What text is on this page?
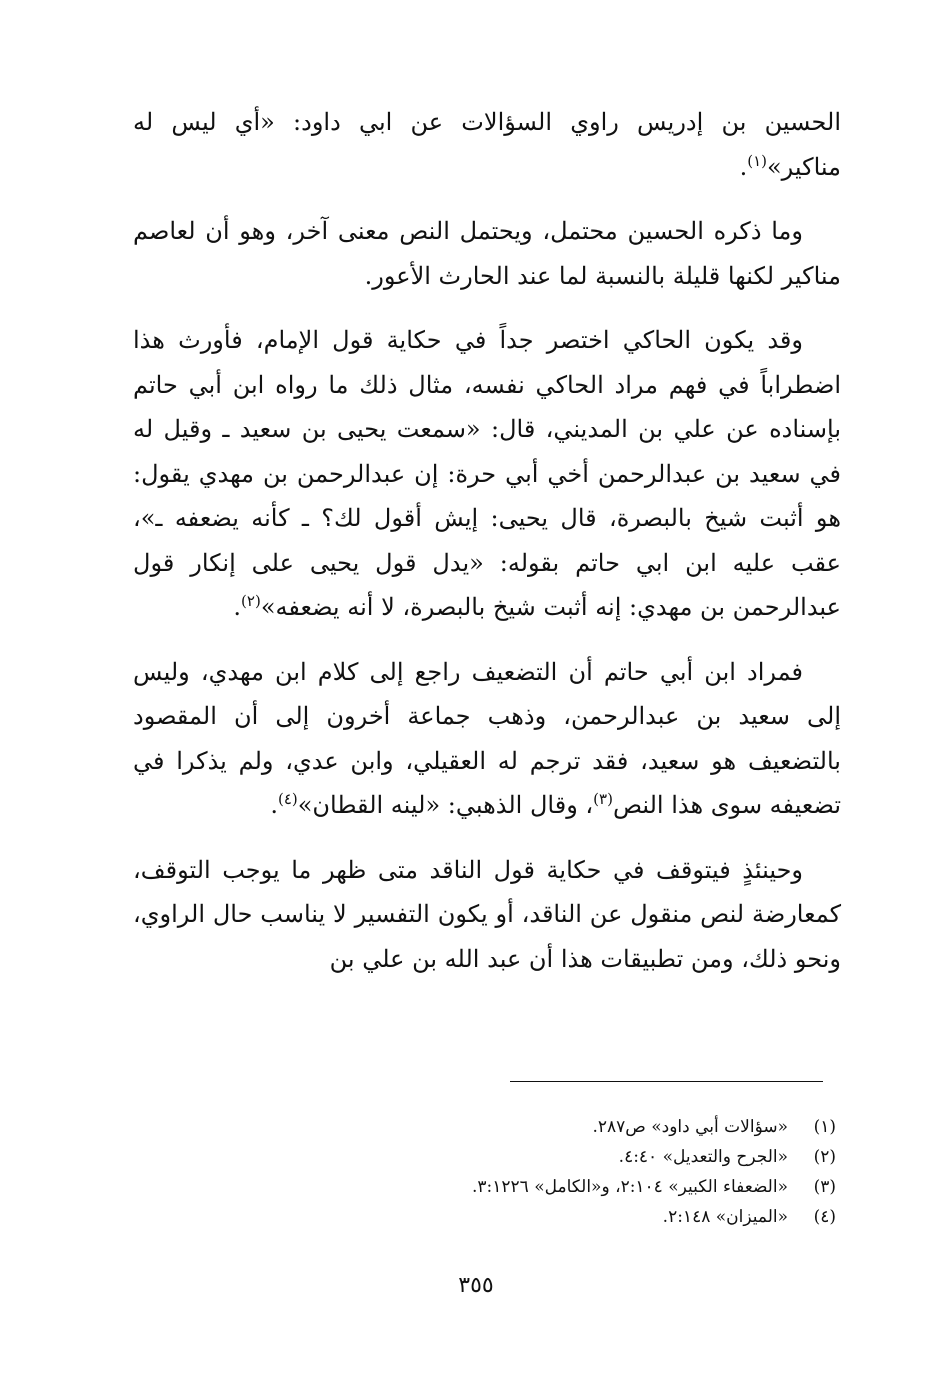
الحسين بن إدريس راوي السؤالات عن ابي داود: «أي ليس له مناكير»$^{(١)}$.

وما ذكره الحسين محتمل، ويحتمل النص معنى آخر، وهو أن لعاصم مناكير لكنها قليلة بالنسبة لما عند الحارث الأعور.

وقد يكون الحاكي اختصر جداً في حكاية قول الإمام، فأورث هذا اضطراباً في فهم مراد الحاكي نفسه، مثال ذلك ما رواه ابن أبي حاتم بإسناده عن علي بن المديني، قال: «سمعت يحيى بن سعيد ـ وقيل له في سعيد بن عبدالرحمن أخي أبي حرة: إن عبدالرحمن بن مهدي يقول: هو أثبت شيخ بالبصرة، قال يحيى: إيش أقول لك؟ ـ كأنه يضعفه ـ»، عقب عليه ابن ابي حاتم بقوله: «يدل قول يحيى على إنكار قول عبدالرحمن بن مهدي: إنه أثبت شيخ بالبصرة، لا أنه يضعفه»$^{(٢)}$.

فمراد ابن أبي حاتم أن التضعيف راجع إلى كلام ابن مهدي، وليس إلى سعيد بن عبدالرحمن، وذهب جماعة أخرون إلى أن المقصود بالتضعيف هو سعيد، فقد ترجم له العقيلي، وابن عدي، ولم يذكرا في تضعيفه سوى هذا النص$^{(٣)}$، وقال الذهبي: «لينه القطان»$^{(٤)}$.

وحينئذٍ فيتوقف في حكاية قول الناقد متى ظهر ما يوجب التوقف، كمعارضة لنص منقول عن الناقد، أو يكون التفسير لا يناسب حال الراوي، ونحو ذلك، ومن تطبيقات هذا أن عبد الله بن علي بن

(١)
«سؤالات أبي داود» ص٢٨٧.
(٢)
«الجرح والتعديل» ٤:٤٠.
(٣)
«الضعفاء الكبير» ٢:١٠٤، و«الكامل» ٣:١٢٢٦.
(٤)
«الميزان» ٢:١٤٨.
٣٥٥
